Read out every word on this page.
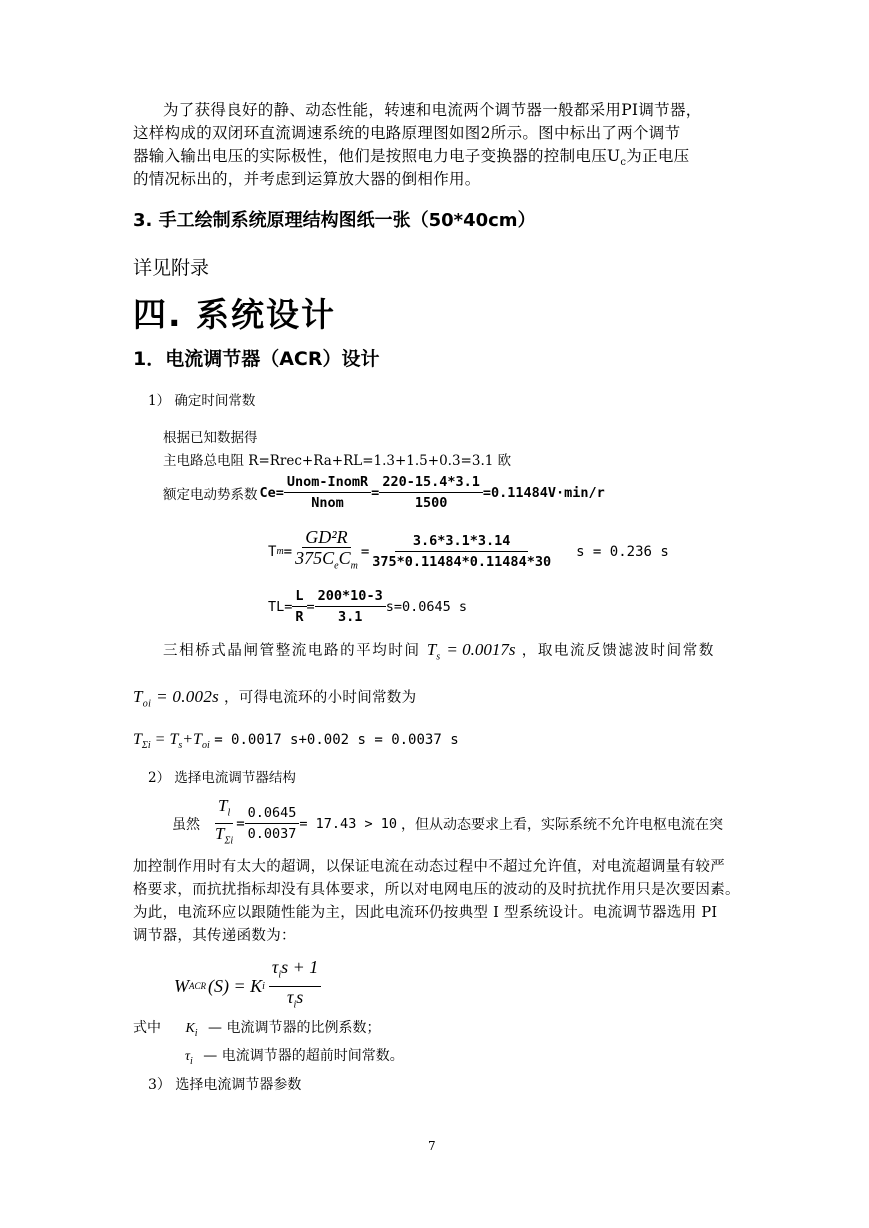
为了获得良好的静、动态性能，转速和电流两个调节器一般都采用PI调节器，
这样构成的双闭环直流调速系统的电路原理图如图2所示。图中标出了两个调节
器输入输出电压的实际极性，他们是按照电力电子变换器的控制电压$U_c$为正电压
的情况标出的，并考虑到运算放大器的倒相作用。
3. 手工绘制系统原理结构图纸一张（50*40cm）
详见附录
四. 系统设计
1．电流调节器（ACR）设计
1） 确定时间常数
根据已知数据得
主电路总电阻 R=Rrec+Ra+RL=1.3+1.5+0.3=3.1 欧
额定电动势系数 $Ce= \frac{\text{Unom-InomR}}{\text{Nnom}} = \frac{220-15.4*3.1}{1500} =0.11484V\cdot\min/r$
T $m = \frac{\text{GD²R}}{375C_eC_m} = \frac{3.6*3.1*3.14}{375*0.11484*0.11484*30}$ s = 0.236 s
$TL= \frac{L}{R} = \frac{200*10-3}{3.1} s=0.0645$ s
三相桥式晶闸管整流电路的平均时间 $T_s = 0.0017s$ ，取电流反馈滤波时间常数
$T_{oi} = 0.002s$ ，可得电流环的小时间常数为
$T_{\Sigma i} = T_s+T_{oi} = 0.0017$ s+0.002 s = 0.0037 s
2） 选择电流调节器结构
虽然 $\frac{T_l}{T_{\Sigma i}} = \frac{0.0645}{0.0037} = 17.43 > 10$ ，但从动态要求上看，实际系统不允许电枢电流在突
加控制作用时有太大的超调，以保证电流在动态过程中不超过允许值，对电流超调量有较严
格要求，而抗扰指标却没有具体要求，所以对电网电压的波动的及时抗扰作用只是次要因素。
为此，电流环应以跟随性能为主，因此电流环仍按典型 I 型系统设计。电流调节器选用 PI
调节器，其传递函数为：
W ACR (S) = K i $\frac{\tau_is + 1}{\tau_is}$
式中 $K_i$ — 电流调节器的比例系数；
$\tau_i$ — 电流调节器的超前时间常数。
3） 选择电流调节器参数
7
